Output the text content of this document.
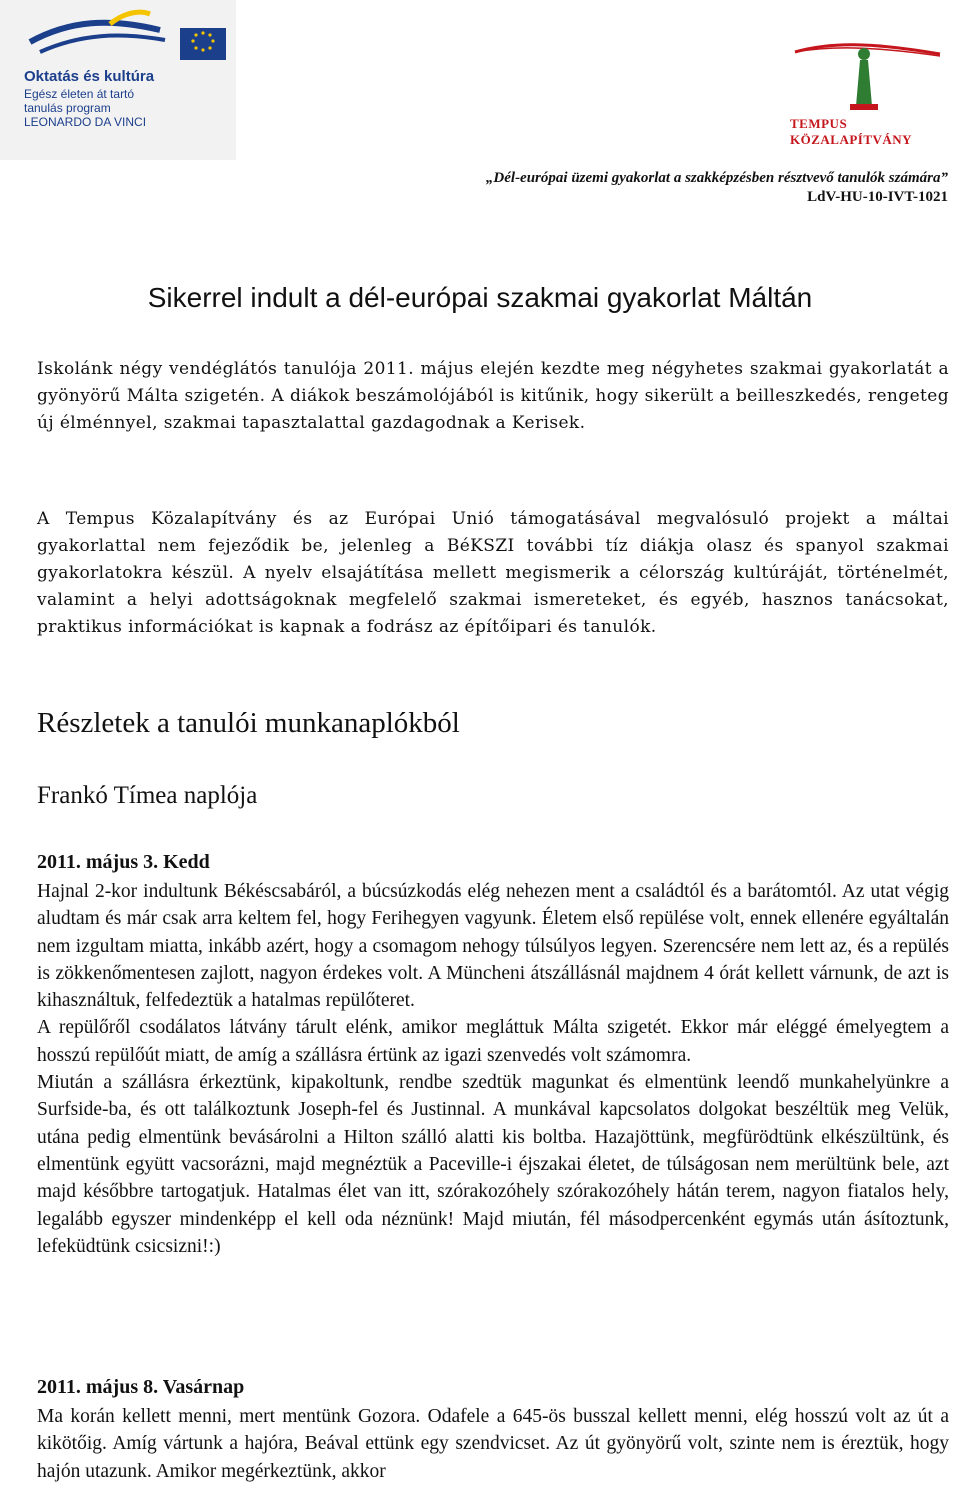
Oktatás és kultúra
Egész életen át tartó
tanulás program
LEONARDO DA VINCI	TEMPUS KÖZALAPÍTVÁNY
„Dél-európai üzemi gyakorlat a szakképzésben résztvevő tanulók számára”
LdV-HU-10-IVT-1021
Sikerrel indult a dél-európai szakmai gyakorlat Máltán

Iskolánk négy vendéglátós tanulója 2011. május elején kezdte meg négyhetes szakmai gyakorlatát a gyönyörű Málta szigetén. A diákok beszámolójából is kitűnik, hogy sikerült a beilleszkedés, rengeteg új élménnyel, szakmai tapasztalattal gazdagodnak a Kerisek.

A Tempus Közalapítvány és az Európai Unió támogatásával megvalósuló projekt a máltai gyakorlattal nem fejeződik be, jelenleg a BéKSZI további tíz diákja olasz és spanyol szakmai gyakorlatokra készül. A nyelv elsajátítása mellett megismerik a célország kultúráját, történelmét, valamint a helyi adottságoknak megfelelő szakmai ismereteket, és egyéb, hasznos tanácsokat, praktikus információkat is kapnak a fodrász az építőipari és tanulók.

Részletek a tanulói munkanaplókból
Frankó Tímea naplója

2011. május 3. Kedd

Hajnal 2-kor indultunk Békéscsabáról, a búcsúzkodás elég nehezen ment a családtól és a barátomtól. Az utat végig aludtam és már csak arra keltem fel, hogy Ferihegyen vagyunk. Életem első repülése volt, ennek ellenére egyáltalán nem izgultam miatta, inkább azért, hogy a csomagom nehogy túlsúlyos legyen. Szerencsére nem lett az, és a repülés is zökkenőmentesen zajlott, nagyon érdekes volt. A Müncheni átszállásnál majdnem 4 órát kellett várnunk, de azt is kihasználtuk, felfedeztük a hatalmas repülőteret.
A repülőről csodálatos látvány tárult elénk, amikor megláttuk Málta szigetét. Ekkor már eléggé émelyegtem a hosszú repülőút miatt, de amíg a szállásra értünk az igazi szenvedés volt számomra.
Miután a szállásra érkeztünk, kipakoltunk, rendbe szedtük magunkat és elmentünk leendő munkahelyünkre a Surfside-ba, és ott találkoztunk Joseph-fel és Justinnal. A munkával kapcsolatos dolgokat beszéltük meg Velük, utána pedig elmentünk bevásárolni a Hilton szálló alatti kis boltba. Hazajöttünk, megfürödtünk elkészültünk, és elmentünk együtt vacsorázni, majd megnéztük a Paceville-i éjszakai életet, de túlságosan nem merültünk bele, azt majd későbbre tartogatjuk. Hatalmas élet van itt, szórakozóhely szórakozóhely hátán terem, nagyon fiatalos hely, legalább egyszer mindenképp el kell oda néznünk! Majd miután, fél másodpercenként egymás után ásítoztunk, lefeküdtünk csicsizni!:)

2011. május 8. Vasárnap

Ma korán kellett menni, mert mentünk Gozora. Odafele a 645-ös busszal kellett menni, elég hosszú volt az út a kikötőig. Amíg vártunk a hajóra, Beával ettünk egy szendvicset. Az út gyönyörű volt, szinte nem is éreztük, hogy hajón utazunk. Amikor megérkeztünk, akkor
